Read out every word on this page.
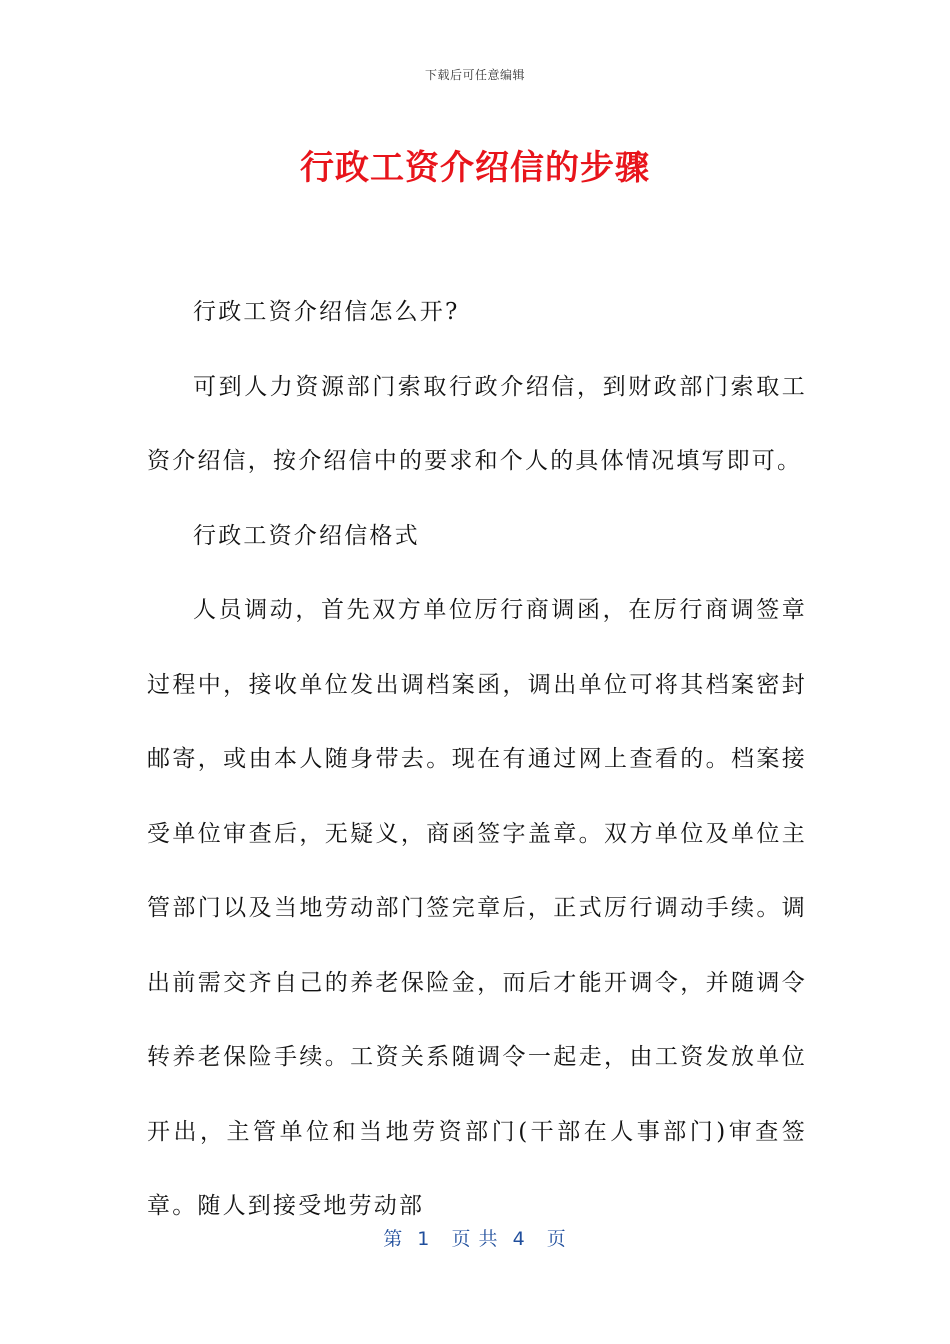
下载后可任意编辑
行政工资介绍信的步骤

行政工资介绍信怎么开?

可到人力资源部门索取行政介绍信，到财政部门索取工资介绍信，按介绍信中的要求和个人的具体情况填写即可。

行政工资介绍信格式

人员调动，首先双方单位厉行商调函，在厉行商调签章过程中，接收单位发出调档案函，调出单位可将其档案密封邮寄，或由本人随身带去。现在有通过网上查看的。档案接受单位审查后，无疑义，商函签字盖章。双方单位及单位主管部门以及当地劳动部门签完章后，正式厉行调动手续。调出前需交齐自己的养老保险金，而后才能开调令，并随调令转养老保险手续。工资关系随调令一起走，由工资发放单位开出，主管单位和当地劳资部门(干部在人事部门)审查签章。随人到接受地劳动部

第  1   页 共  4   页
